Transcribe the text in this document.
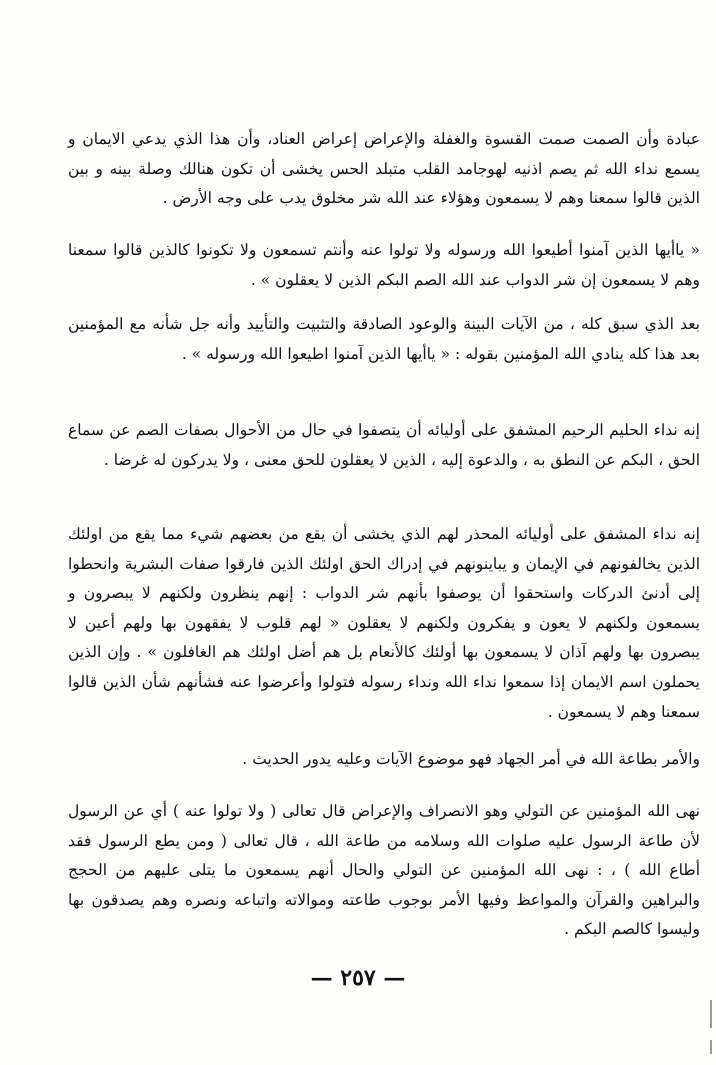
عبادة وأن الصمت صمت القسوة والغفلة والإعراض إعراض العناد، وأن هذا الذي يدعي الايمان و يسمع نداء الله ثم يصم اذنيه لهوجامد القلب متبلد الحس يخشى أن تكون هنالك وصلة بينه و بين الذين قالوا سمعنا وهم لا يسمعون وهؤلاء عند الله شر مخلوق يدب على وجه الأرض .

« ياأيها الذين آمنوا أطيعوا الله ورسوله ولا تولوا عنه وأنتم تسمعون ولا تكونوا كالذين قالوا سمعنا وهم لا يسمعون إن شر الدواب عند الله الصم البكم الذين لا يعقلون » .

بعد الذي سبق كله ، من الآيات البينة والوعود الصادقة والتثبيت والتأييد وأنه جل شأنه مع المؤمنين بعد هذا كله ينادي الله المؤمنين بقوله : « ياأيها الذين آمنوا اطيعوا الله ورسوله » .

إنه نداء الحليم الرحيم المشفق على أوليائه أن يتصفوا في حال من الأحوال بصفات الصم عن سماع الحق ، البكم عن النطق به ، والدعوة إليه ، الذين لا يعقلون للحق معنى ، ولا يدركون له غرضا .

إنه نداء المشفق على أوليائه المحذر لهم الذي يخشى أن يقع من بعضهم شيء مما يقع من اولئك الذين يخالفونهم في الإيمان و يباينونهم في إدراك الحق اولئك الذين فارقوا صفات البشرية وانحطوا إلى أدنئ الدركات واستحقوا أن يوصفوا بأنهم شر الدواب : إنهم ينظرون ولكنهم لا يبصرون و يسمعون ولكنهم لا يعون و يفكرون ولكنهم لا يعقلون « لهم قلوب لا يفقهون بها ولهم أعين لا يبصرون بها ولهم آذان لا يسمعون بها أولئك كالأنعام بل هم أضل اولئك هم الغافلون » . وإن الذين يحملون اسم الايمان إذا سمعوا نداء الله ونداء رسوله فتولوا وأعرضوا عنه فشأنهم شأن الذين قالوا سمعنا وهم لا يسمعون .

والأمر بطاعة الله في أمر الجهاد فهو موضوع الآيات وعليه يدور الحديث .

نهى الله المؤمنين عن التولي وهو الانصراف والإعراض قال تعالى ( ولا تولوا عنه ) أي عن الرسول لأن طاعة الرسول عليه صلوات الله وسلامه من طاعة الله ، قال تعالى ( ومن يطع الرسول فقد أطاع الله ) ، : نهى الله المؤمنين عن التولي والحال أنهم يسمعون ما يتلى عليهم من الحجج والبراهين والقرآن والمواعظ وفيها الأمر بوجوب طاعته وموالاته واتباعه ونصره وهم يصدقون بها وليسوا كالصم البكم .

— ٢٥٧ —
